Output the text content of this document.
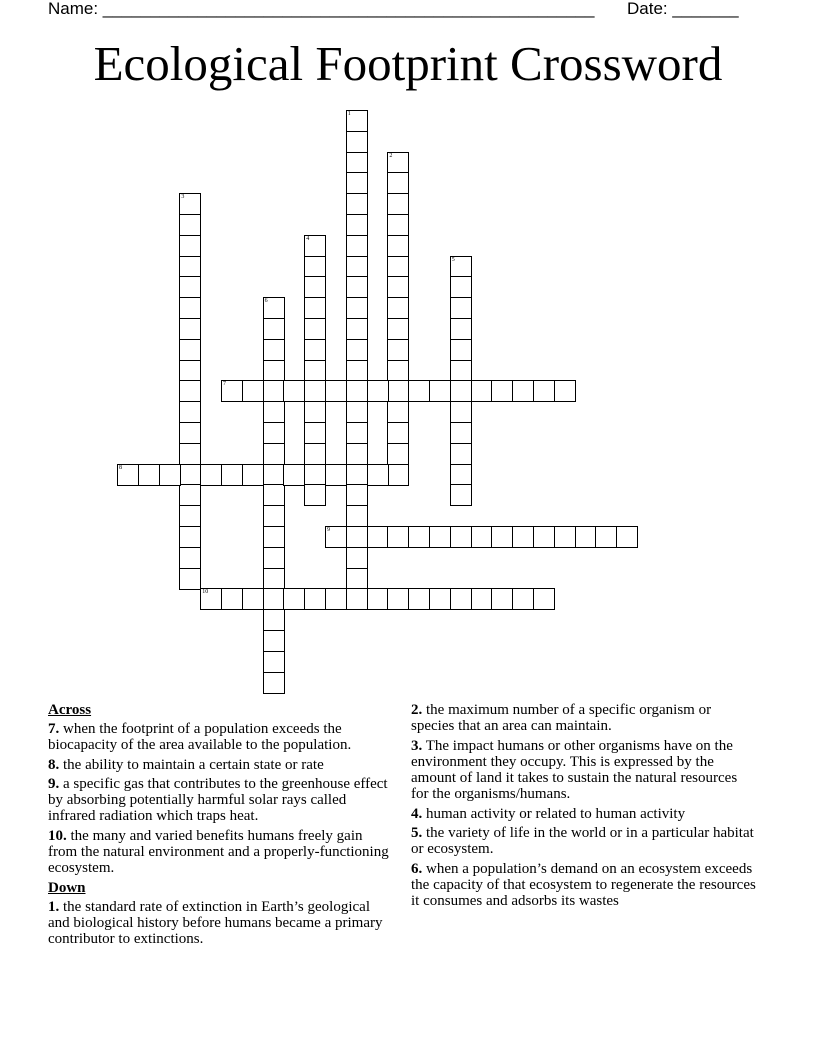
Name: ____________________________________________________ Date: _______
Ecological Footprint Crossword
1
2
3
4
5
6
7
8
9
10
Across
7. when the footprint of a population exceeds the biocapacity of the area available to the population.
8. the ability to maintain a certain state or rate
9. a specific gas that contributes to the greenhouse effect by absorbing potentially harmful solar rays called infrared radiation which traps heat.
10. the many and varied benefits humans freely gain from the natural environment and a properly-functioning ecosystem.
Down
1. the standard rate of extinction in Earth’s geological and biological history before humans became a primary contributor to extinctions.
2. the maximum number of a specific organism or species that an area can maintain.
3. The impact humans or other organisms have on the environment they occupy. This is expressed by the amount of land it takes to sustain the natural resources for the organisms/humans.
4. human activity or related to human activity
5. the variety of life in the world or in a particular habitat or ecosystem.
6. when a population’s demand on an ecosystem exceeds the capacity of that ecosystem to regenerate the resources it consumes and adsorbs its wastes
